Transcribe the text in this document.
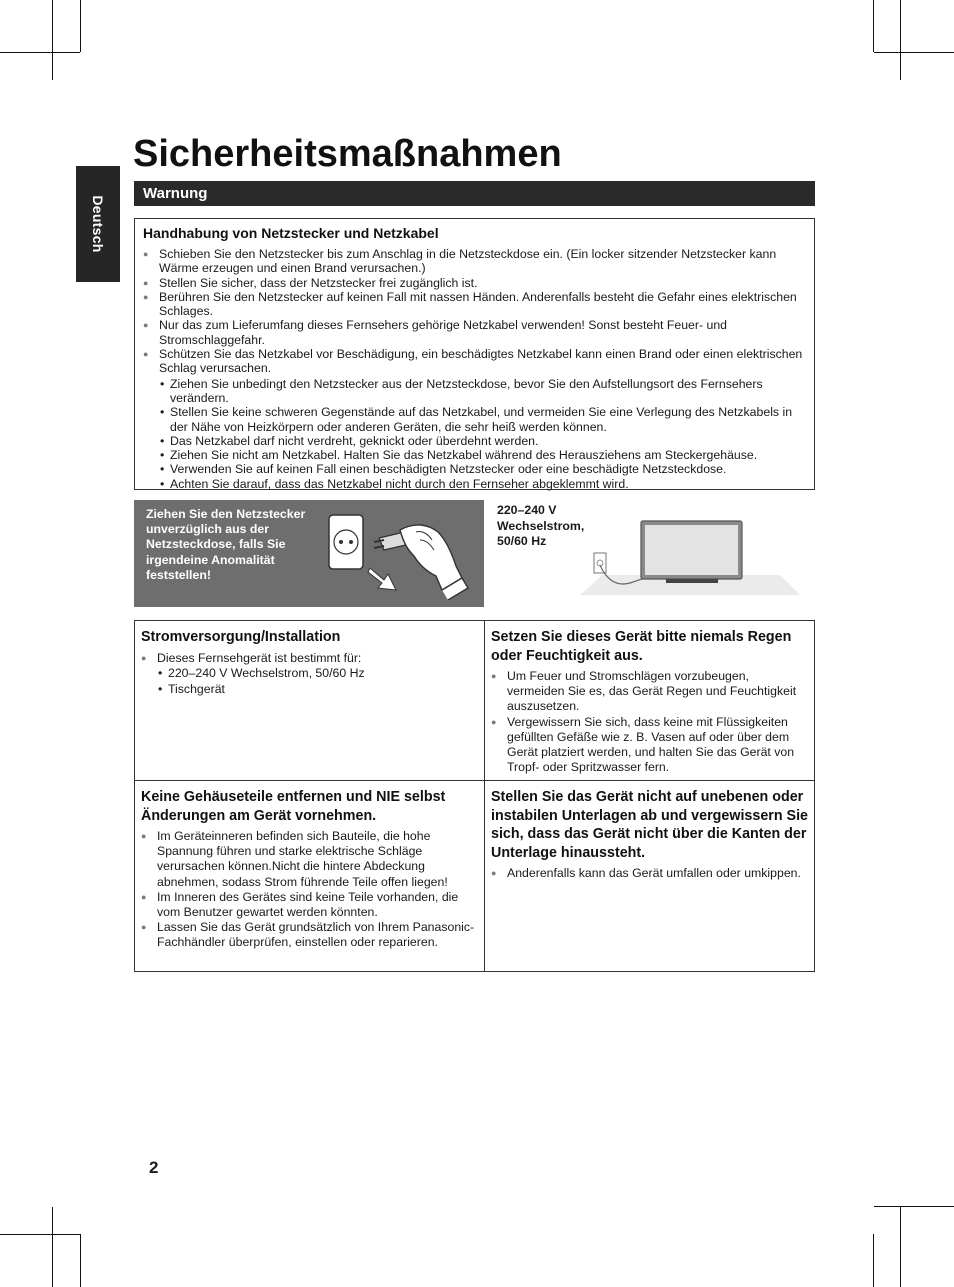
Deutsch
Sicherheitsmaßnahmen
Warnung
Handhabung von Netzstecker und Netzkabel
● Schieben Sie den Netzstecker bis zum Anschlag in die Netzsteckdose ein. (Ein locker sitzender Netzstecker kann Wärme erzeugen und einen Brand verursachen.)
● Stellen Sie sicher, dass der Netzstecker frei zugänglich ist.
● Berühren Sie den Netzstecker auf keinen Fall mit nassen Händen. Anderenfalls besteht die Gefahr eines elektrischen Schlages.
● Nur das zum Lieferumfang dieses Fernsehers gehörige Netzkabel verwenden! Sonst besteht Feuer- und Stromschlaggefahr.
● Schützen Sie das Netzkabel vor Beschädigung, ein beschädigtes Netzkabel kann einen Brand oder einen elektrischen Schlag verursachen.
• Ziehen Sie unbedingt den Netzstecker aus der Netzsteckdose, bevor Sie den Aufstellungsort des Fernsehers verändern.
• Stellen Sie keine schweren Gegenstände auf das Netzkabel, und vermeiden Sie eine Verlegung des Netzkabels in der Nähe von Heizkörpern oder anderen Geräten, die sehr heiß werden können.
• Das Netzkabel darf nicht verdreht, geknickt oder überdehnt werden.
• Ziehen Sie nicht am Netzkabel. Halten Sie das Netzkabel während des Herausziehens am Steckergehäuse.
• Verwenden Sie auf keinen Fall einen beschädigten Netzstecker oder eine beschädigte Netzsteckdose.
• Achten Sie darauf, dass das Netzkabel nicht durch den Fernseher abgeklemmt wird.

Ziehen Sie den Netzstecker unverzüglich aus der Netzsteckdose, falls Sie irgendeine Anomalität feststellen!

220–240 V Wechselstrom, 50/60 Hz

Stromversorgung/Installation
● Dieses Fernsehgerät ist bestimmt für:
• 220–240 V Wechselstrom, 50/60 Hz
• Tischgerät
Setzen Sie dieses Gerät bitte niemals Regen oder Feuchtigkeit aus.
● Um Feuer und Stromschlägen vorzubeugen, vermeiden Sie es, das Gerät Regen und Feuchtigkeit auszusetzen.
● Vergewissern Sie sich, dass keine mit Flüssigkeiten gefüllten Gefäße wie z. B. Vasen auf oder über dem Gerät platziert werden, und halten Sie das Gerät von Tropf- oder Spritzwasser fern.
Keine Gehäuseteile entfernen und NIE selbst Änderungen am Gerät vornehmen.
● Im Geräteinneren befinden sich Bauteile, die hohe Spannung führen und starke elektrische Schläge verursachen können.Nicht die hintere Abdeckung abnehmen, sodass Strom führende Teile offen liegen!
● Im Inneren des Gerätes sind keine Teile vorhanden, die vom Benutzer gewartet werden könnten.
● Lassen Sie das Gerät grundsätzlich von Ihrem Panasonic-Fachhändler überprüfen, einstellen oder reparieren.
Stellen Sie das Gerät nicht auf unebenen oder instabilen Unterlagen ab und vergewissern Sie sich, dass das Gerät nicht über die Kanten der Unterlage hinaussteht.
● Anderenfalls kann das Gerät umfallen oder umkippen.

2
